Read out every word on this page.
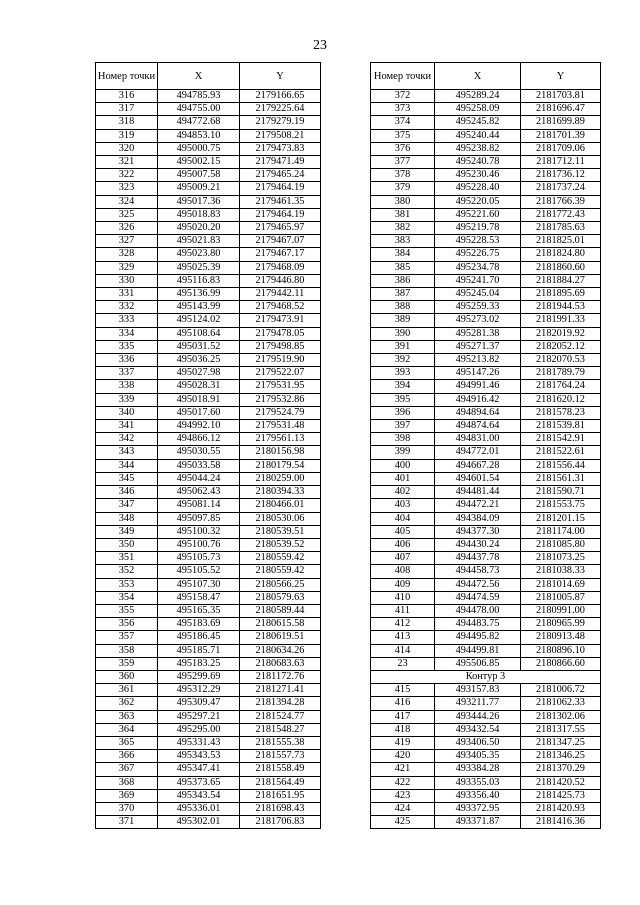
23
Номер точки	X	Y
316	494785.93	2179166.65
317	494755.00	2179225.64
318	494772.68	2179279.19
319	494853.10	2179508.21
320	495000.75	2179473.83
321	495002.15	2179471.49
322	495007.58	2179465.24
323	495009.21	2179464.19
324	495017.36	2179461.35
325	495018.83	2179464.19
326	495020.20	2179465.97
327	495021.83	2179467.07
328	495023.80	2179467.17
329	495025.39	2179468.09
330	495116.83	2179446.80
331	495136.99	2179442.11
332	495143.99	2179468.52
333	495124.02	2179473.91
334	495108.64	2179478.05
335	495031.52	2179498.85
336	495036.25	2179519.90
337	495027.98	2179522.07
338	495028.31	2179531.95
339	495018.91	2179532.86
340	495017.60	2179524.79
341	494992.10	2179531.48
342	494866.12	2179561.13
343	495030.55	2180156.98
344	495033.58	2180179.54
345	495044.24	2180259.00
346	495062.43	2180394.33
347	495081.14	2180466.01
348	495097.85	2180530.06
349	495100.32	2180539.51
350	495100.76	2180539.52
351	495105.73	2180559.42
352	495105.52	2180559.42
353	495107.30	2180566.25
354	495158.47	2180579.63
355	495165.35	2180589.44
356	495183.69	2180615.58
357	495186.45	2180619.51
358	495185.71	2180634.26
359	495183.25	2180683.63
360	495299.69	2181172.76
361	495312.29	2181271.41
362	495309.47	2181394.28
363	495297.21	2181524.77
364	495295.00	2181548.27
365	495331.43	2181555.38
366	495343.53	2181557.73
367	495347.41	2181558.49
368	495373.65	2181564.49
369	495343.54	2181651.95
370	495336.01	2181698.43
371	495302.01	2181706.83
Номер точки	X	Y
372	495289.24	2181703.81
373	495258.09	2181696.47
374	495245.82	2181699.89
375	495240.44	2181701.39
376	495238.82	2181709.06
377	495240.78	2181712.11
378	495230.46	2181736.12
379	495228.40	2181737.24
380	495220.05	2181766.39
381	495221.60	2181772.43
382	495219.78	2181785.63
383	495228.53	2181825.01
384	495226.75	2181824.80
385	495234.78	2181860.60
386	495241.70	2181884.27
387	495245.04	2181895.69
388	495259.33	2181944.53
389	495273.02	2181991.33
390	495281.38	2182019.92
391	495271.37	2182052.12
392	495213.82	2182070.53
393	495147.26	2181789.79
394	494991.46	2181764.24
395	494916.42	2181620.12
396	494894.64	2181578.23
397	494874.64	2181539.81
398	494831.00	2181542.91
399	494772.01	2181522.61
400	494667.28	2181556.44
401	494601.54	2181561.31
402	494481.44	2181590.71
403	494472.21	2181553.75
404	494384.09	2181201.15
405	494377.30	2181174.00
406	494430.24	2181085.80
407	494437.78	2181073.25
408	494458.73	2181038.33
409	494472.56	2181014.69
410	494474.59	2181005.87
411	494478.00	2180991.00
412	494483.75	2180965.99
413	494495.82	2180913.48
414	494499.81	2180896.10
23	495506.85	2180866.60
Контур 3		
415	493157.83	2181006.72
416	493211.77	2181062.33
417	493444.26	2181302.06
418	493432.54	2181317.55
419	493406.50	2181347.25
420	493405.35	2181346.25
421	493384.28	2181370.29
422	493355.03	2181420.52
423	493356.40	2181425.73
424	493372.95	2181420.93
425	493371.87	2181416.36
